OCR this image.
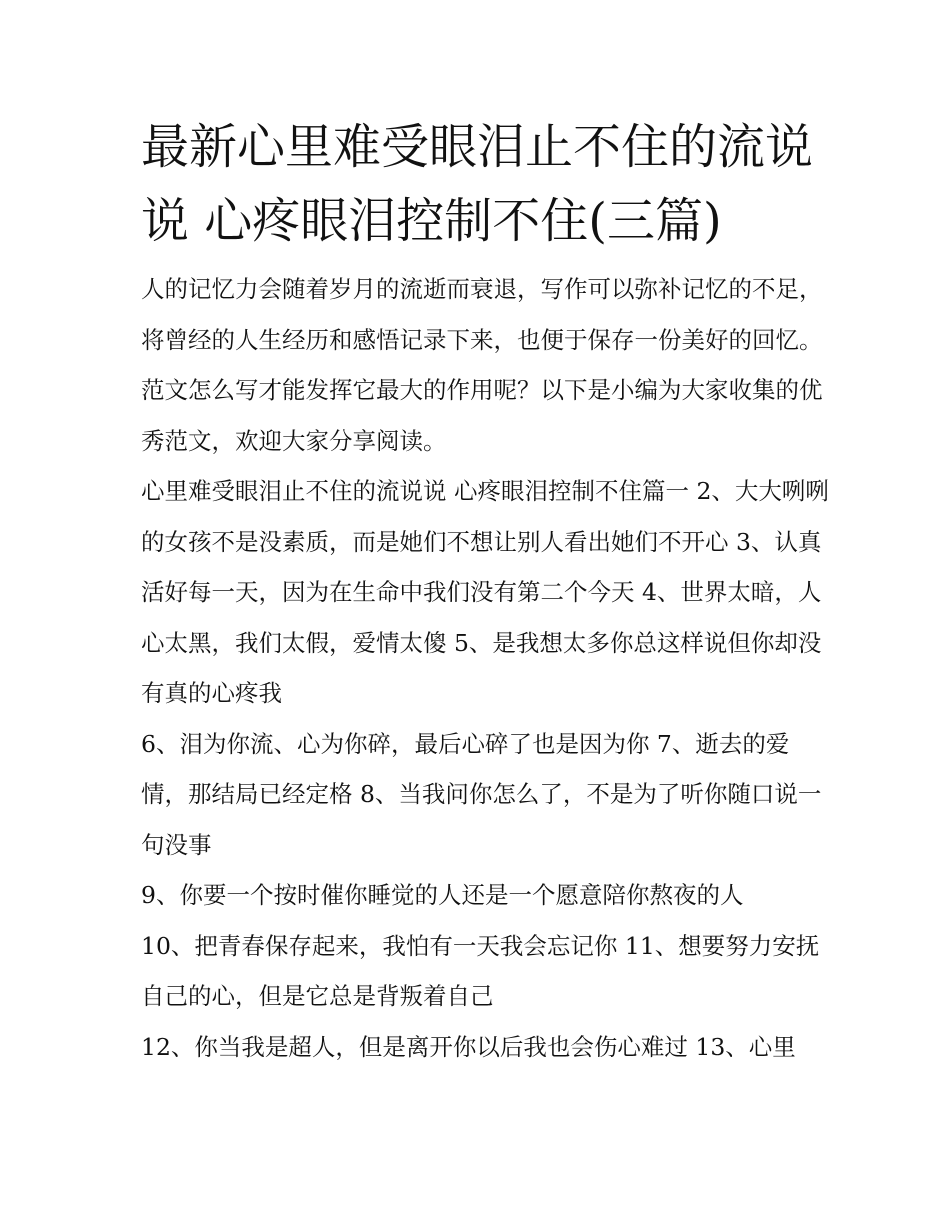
最新心里难受眼泪止不住的流说说 心疼眼泪控制不住(三篇)

人的记忆力会随着岁月的流逝而衰退，写作可以弥补记忆的不足，将曾经的人生经历和感悟记录下来，也便于保存一份美好的回忆。范文怎么写才能发挥它最大的作用呢？以下是小编为大家收集的优秀范文，欢迎大家分享阅读。

心里难受眼泪止不住的流说说 心疼眼泪控制不住篇一 2、大大咧咧的女孩不是没素质，而是她们不想让别人看出她们不开心 3、认真活好每一天，因为在生命中我们没有第二个今天 4、世界太暗，人心太黑，我们太假，爱情太傻 5、是我想太多你总这样说但你却没有真的心疼我

6、泪为你流、心为你碎，最后心碎了也是因为你 7、逝去的爱情，那结局已经定格 8、当我问你怎么了，不是为了听你随口说一句没事

9、你要一个按时催你睡觉的人还是一个愿意陪你熬夜的人

10、把青春保存起来，我怕有一天我会忘记你 11、想要努力安抚自己的心，但是它总是背叛着自己

12、你当我是超人，但是离开你以后我也会伤心难过 13、心里
